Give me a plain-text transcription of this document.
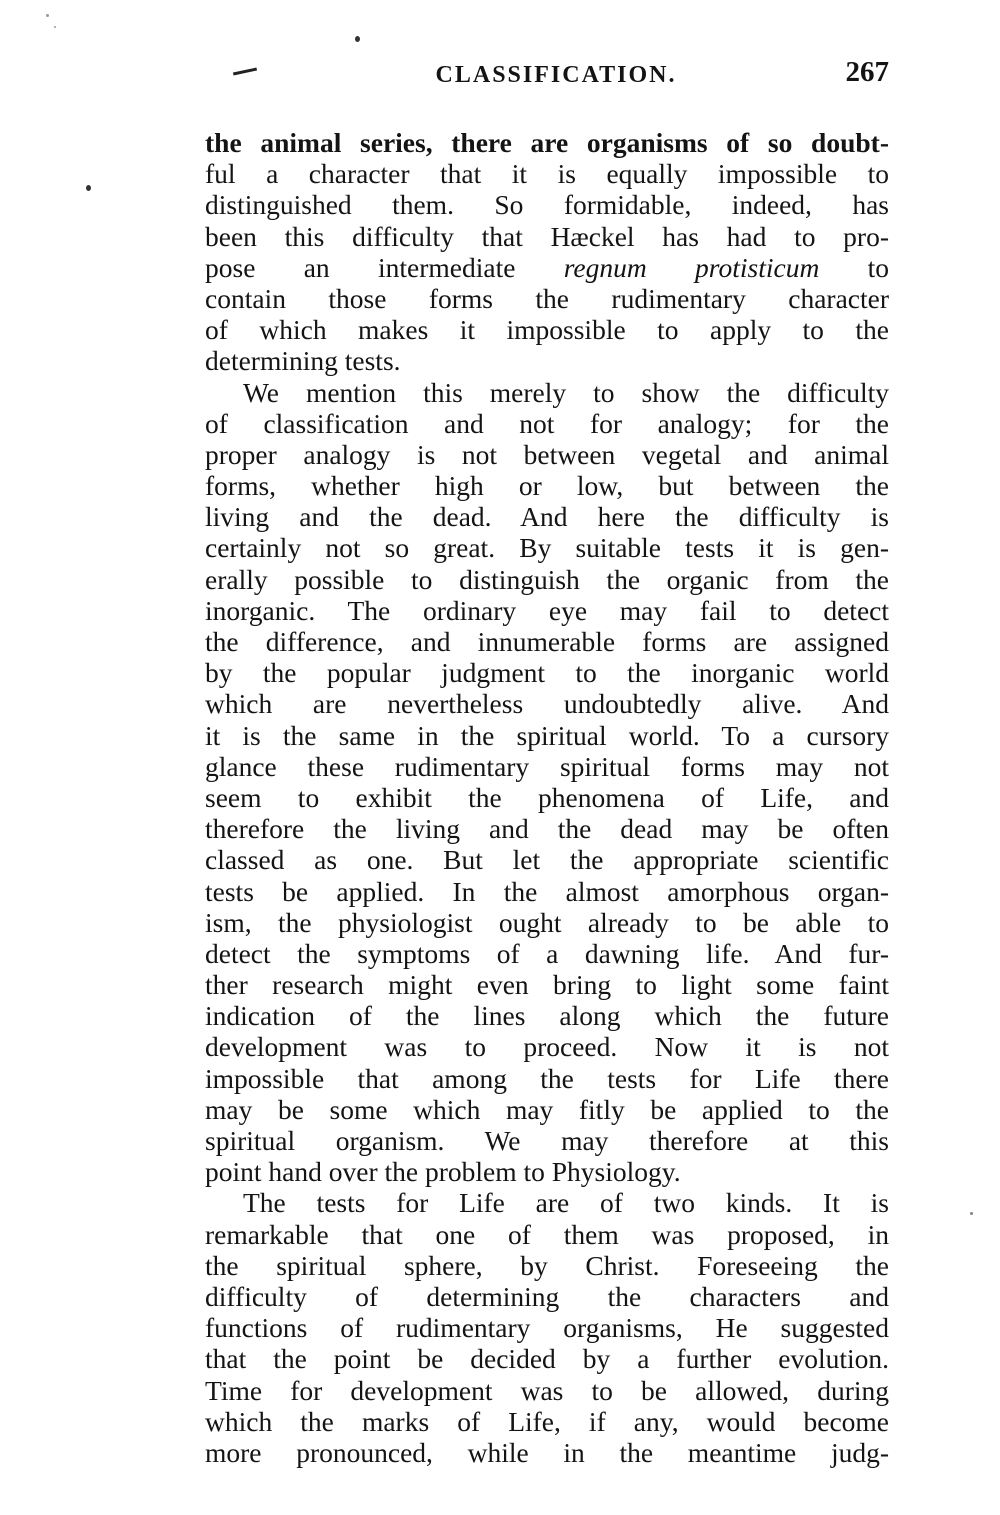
CLASSIFICATION.	267
the animal series, there are organisms of so doubt-
ful a character that it is equally impossible to
distinguished them. So formidable, indeed, has
been this difficulty that Hæckel has had to pro-
pose an intermediate regnum protisticum to
contain those forms the rudimentary character
of which makes it impossible to apply to the
determining tests.
We mention this merely to show the difficulty
of classification and not for analogy; for the
proper analogy is not between vegetal and animal
forms, whether high or low, but between the
living and the dead. And here the difficulty is
certainly not so great. By suitable tests it is gen-
erally possible to distinguish the organic from the
inorganic. The ordinary eye may fail to detect
the difference, and innumerable forms are assigned
by the popular judgment to the inorganic world
which are nevertheless undoubtedly alive. And
it is the same in the spiritual world. To a cursory
glance these rudimentary spiritual forms may not
seem to exhibit the phenomena of Life, and
therefore the living and the dead may be often
classed as one. But let the appropriate scientific
tests be applied. In the almost amorphous organ-
ism, the physiologist ought already to be able to
detect the symptoms of a dawning life. And fur-
ther research might even bring to light some faint
indication of the lines along which the future
development was to proceed. Now it is not
impossible that among the tests for Life there
may be some which may fitly be applied to the
spiritual organism. We may therefore at this
point hand over the problem to Physiology.
The tests for Life are of two kinds. It is
remarkable that one of them was proposed, in
the spiritual sphere, by Christ. Foreseeing the
difficulty of determining the characters and
functions of rudimentary organisms, He suggested
that the point be decided by a further evolution.
Time for development was to be allowed, during
which the marks of Life, if any, would become
more pronounced, while in the meantime judg-
